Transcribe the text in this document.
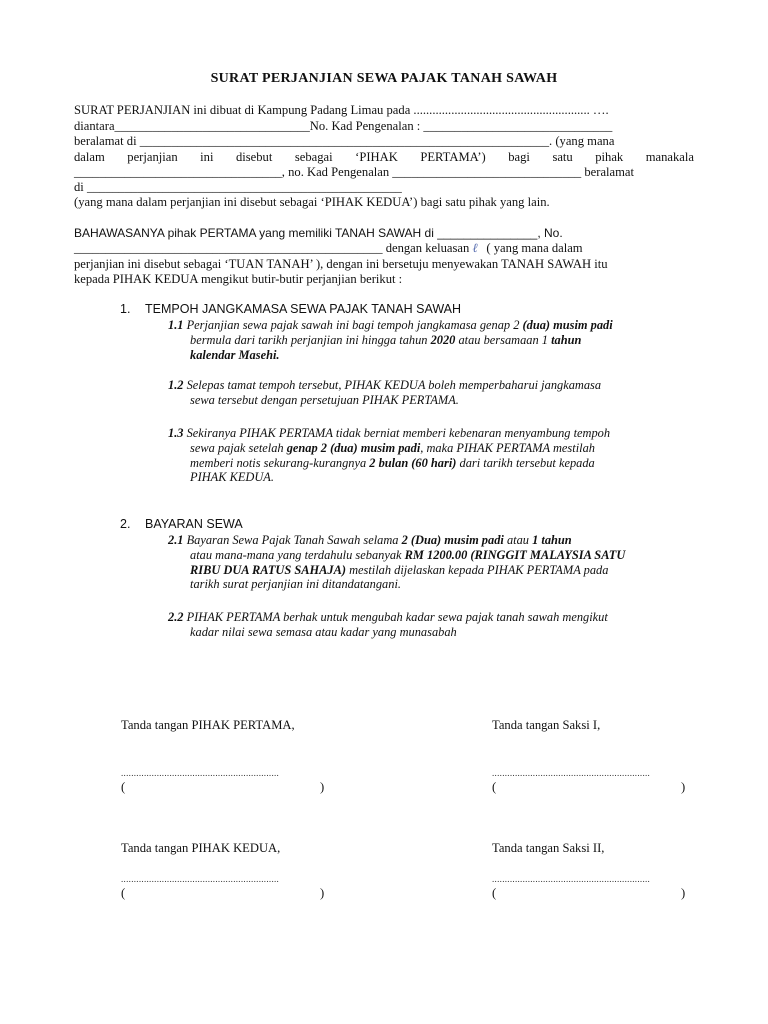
SURAT PERJANJIAN SEWA PAJAK TANAH SAWAH
SURAT PERJANJIAN ini dibuat di Kampung Padang Limau pada ........................................................ ….
diantara_______________________________No. Kad Pengenalan : ______________________________
beralamat di _________________________________________________________________. (yang mana
dalam perjanjian ini disebut sebagai ‘PIHAK PERTAMA’) bagi satu pihak manakala
_________________________________, no. Kad Pengenalan ______________________________ beralamat
di __________________________________________________
(yang mana dalam perjanjian ini disebut sebagai ‘PIHAK KEDUA’) bagi satu pihak yang lain.
BAHAWASANYA pihak PERTAMA yang memiliki TANAH SAWAH di _______________, No.
_________________________________________________ dengan keluasan ℓ ( yang mana dalam
perjanjian ini disebut sebagai ‘TUAN TANAH’ ), dengan ini bersetuju menyewakan TANAH SAWAH itu
kepada PIHAK KEDUA mengikut butir-butir perjanjian berikut :
1. TEMPOH JANGKAMASA SEWA PAJAK TANAH SAWAH
1.1 Perjanjian sewa pajak sawah ini bagi tempoh jangkamasa genap 2 (dua) musim padi
bermula dari tarikh perjanjian ini hingga tahun 2020 atau bersamaan 1 tahun
kalendar Masehi.
1.2 Selepas tamat tempoh tersebut, PIHAK KEDUA boleh memperbaharui jangkamasa
sewa tersebut dengan persetujuan PIHAK PERTAMA.
1.3 Sekiranya PIHAK PERTAMA tidak berniat memberi kebenaran menyambung tempoh
sewa pajak setelah genap 2 (dua) musim padi, maka PIHAK PERTAMA mestilah
memberi notis sekurang-kurangnya 2 bulan (60 hari) dari tarikh tersebut kepada
PIHAK KEDUA.
2. BAYARAN SEWA
2.1 Bayaran Sewa Pajak Tanah Sawah selama 2 (Dua) musim padi atau 1 tahun
atau mana-mana yang terdahulu sebanyak RM 1200.00 (RINGGIT MALAYSIA SATU
RIBU DUA RATUS SAHAJA) mestilah dijelaskan kepada PIHAK PERTAMA pada
tarikh surat perjanjian ini ditandatangani.
2.2 PIHAK PERTAMA berhak untuk mengubah kadar sewa pajak tanah sawah mengikut
kadar nilai sewa semasa atau kadar yang munasabah
Tanda tangan PIHAK PERTAMA,	Tanda tangan Saksi I,
..............................................................	..............................................................
(	)	(	)
Tanda tangan PIHAK KEDUA,	Tanda tangan Saksi II,
..............................................................	..............................................................
(	)	(	)
